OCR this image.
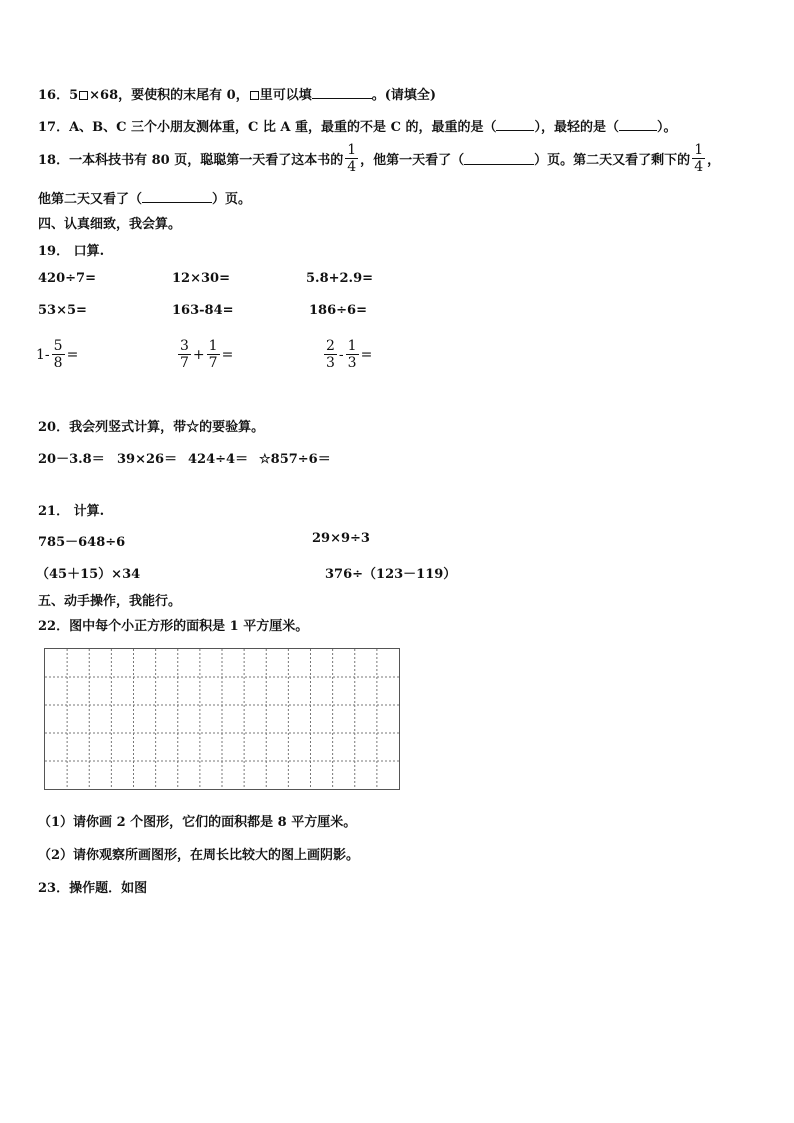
16．5 ×68，要使积的末尾有 0， 里可以填	。(请填全)
17．A、B、C 三个小朋友测体重，C 比 A 重，最重的不是 C 的，最重的是（	），最轻的是（	）。
18．一本科技书有 80 页，聪聪第一天看了这本书的 $\frac{1}{4}$ ，他第一天看了（	）页。第二天又看了剩下的 $\frac{1}{4}$ ，
他第二天又看了（	）页。
四、认真细致，我会算。
19． 口算.
420÷7=	12×30=	5.8+2.9=
53×5=	163-84=	186÷6=
$1- \frac{5}{8}$ =	$\frac{3}{7} + \frac{1}{7}$ =	$\frac{2}{3} - \frac{1}{3}$ =
20．我会列竖式计算，带☆的要验算。
20－3.8＝ 39×26＝ 424÷4＝ ☆857÷6＝
21． 计算.
785－648÷6	29×9÷3
（45＋15）×34	376÷（123－119）
五、动手操作，我能行。
22．图中每个小正方形的面积是 1 平方厘米。
（1）请你画 2 个图形，它们的面积都是 8 平方厘米。
（2）请你观察所画图形，在周长比较大的图上画阴影。
23．操作题．如图
